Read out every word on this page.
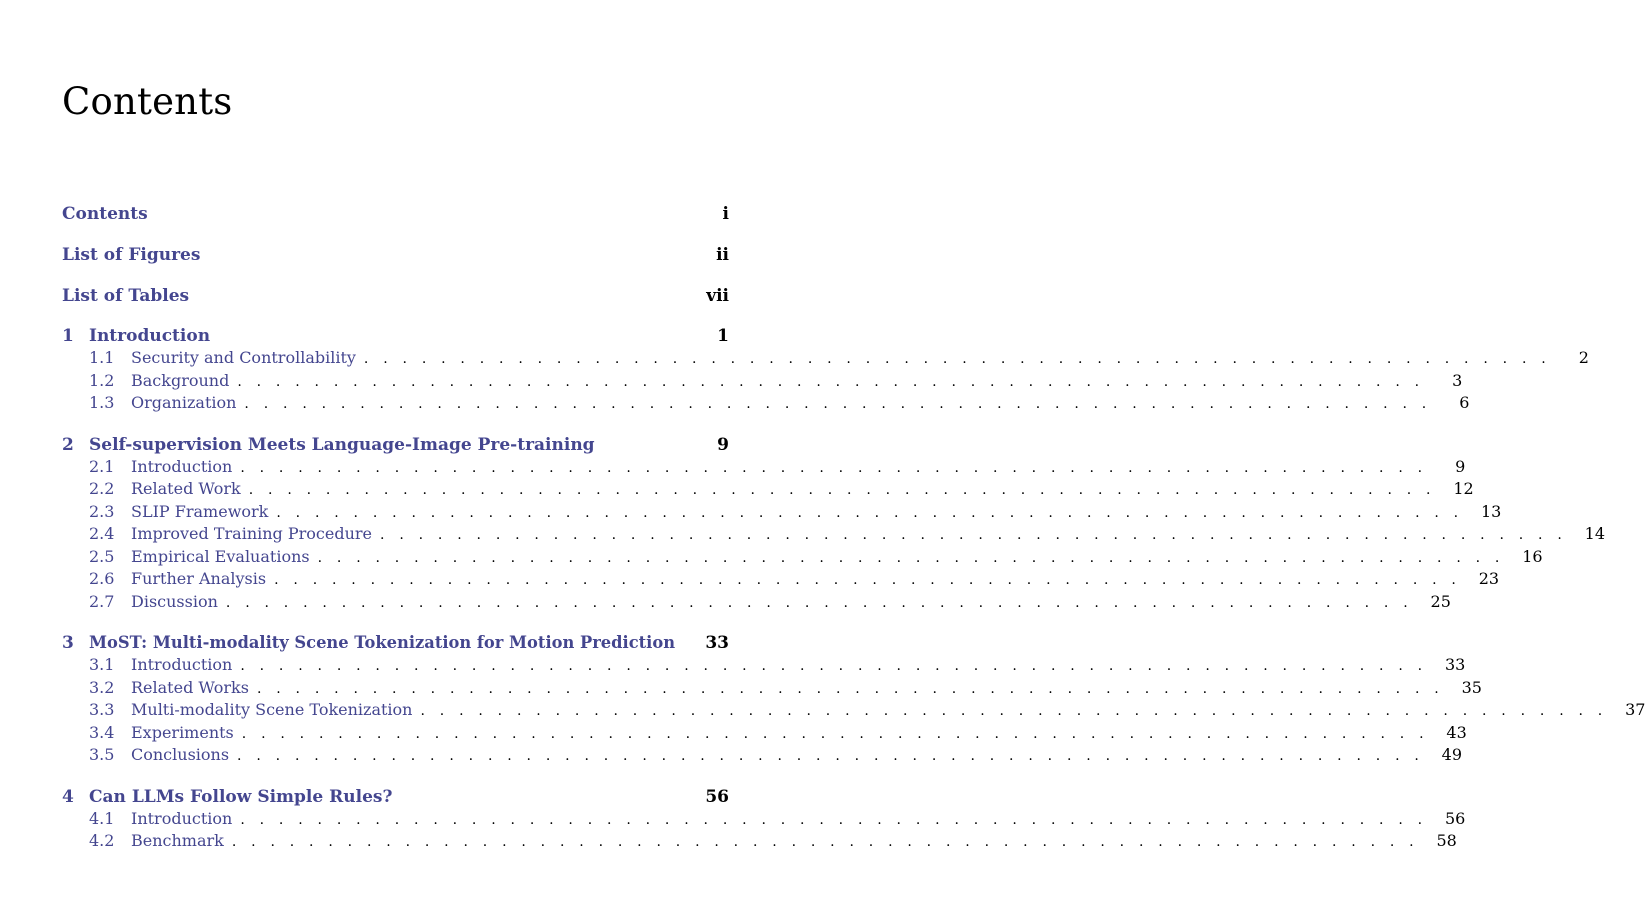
Contents
Contents	i
List of Figures	ii
List of Tables	vii
1 Introduction	1
1.1	Security and Controllability . . . . . . . . . . . . . . . . . . . . . . . . . . . . . . . . . . . . . . . . . . . . . . . . . . . . . . . . . . . . . .	2
1.2	Background . . . . . . . . . . . . . . . . . . . . . . . . . . . . . . . . . . . . . . . . . . . . . . . . . . . . . . . . . . . . . .	3
1.3	Organization . . . . . . . . . . . . . . . . . . . . . . . . . . . . . . . . . . . . . . . . . . . . . . . . . . . . . . . . . . . . . .	6
2 Self-supervision Meets Language-Image Pre-training	9
2.1	Introduction . . . . . . . . . . . . . . . . . . . . . . . . . . . . . . . . . . . . . . . . . . . . . . . . . . . . . . . . . . . . . .	9
2.2	Related Work . . . . . . . . . . . . . . . . . . . . . . . . . . . . . . . . . . . . . . . . . . . . . . . . . . . . . . . . . . . . . .	12
2.3	SLIP Framework . . . . . . . . . . . . . . . . . . . . . . . . . . . . . . . . . . . . . . . . . . . . . . . . . . . . . . . . . . . . . .	13
2.4	Improved Training Procedure . . . . . . . . . . . . . . . . . . . . . . . . . . . . . . . . . . . . . . . . . . . . . . . . . . . . . . . . . . . . . .	14
2.5	Empirical Evaluations . . . . . . . . . . . . . . . . . . . . . . . . . . . . . . . . . . . . . . . . . . . . . . . . . . . . . . . . . . . . . .	16
2.6	Further Analysis . . . . . . . . . . . . . . . . . . . . . . . . . . . . . . . . . . . . . . . . . . . . . . . . . . . . . . . . . . . . . .	23
2.7	Discussion . . . . . . . . . . . . . . . . . . . . . . . . . . . . . . . . . . . . . . . . . . . . . . . . . . . . . . . . . . . . . .	25
3 MoST: Multi-modality Scene Tokenization for Motion Prediction	33
3.1	Introduction . . . . . . . . . . . . . . . . . . . . . . . . . . . . . . . . . . . . . . . . . . . . . . . . . . . . . . . . . . . . . .	33
3.2	Related Works . . . . . . . . . . . . . . . . . . . . . . . . . . . . . . . . . . . . . . . . . . . . . . . . . . . . . . . . . . . . . .	35
3.3	Multi-modality Scene Tokenization . . . . . . . . . . . . . . . . . . . . . . . . . . . . . . . . . . . . . . . . . . . . . . . . . . . . . . . . . . . . . .	37
3.4	Experiments . . . . . . . . . . . . . . . . . . . . . . . . . . . . . . . . . . . . . . . . . . . . . . . . . . . . . . . . . . . . . .	43
3.5	Conclusions . . . . . . . . . . . . . . . . . . . . . . . . . . . . . . . . . . . . . . . . . . . . . . . . . . . . . . . . . . . . . .	49
4 Can LLMs Follow Simple Rules?	56
4.1	Introduction . . . . . . . . . . . . . . . . . . . . . . . . . . . . . . . . . . . . . . . . . . . . . . . . . . . . . . . . . . . . . .	56
4.2	Benchmark . . . . . . . . . . . . . . . . . . . . . . . . . . . . . . . . . . . . . . . . . . . . . . . . . . . . . . . . . . . . . .	58
